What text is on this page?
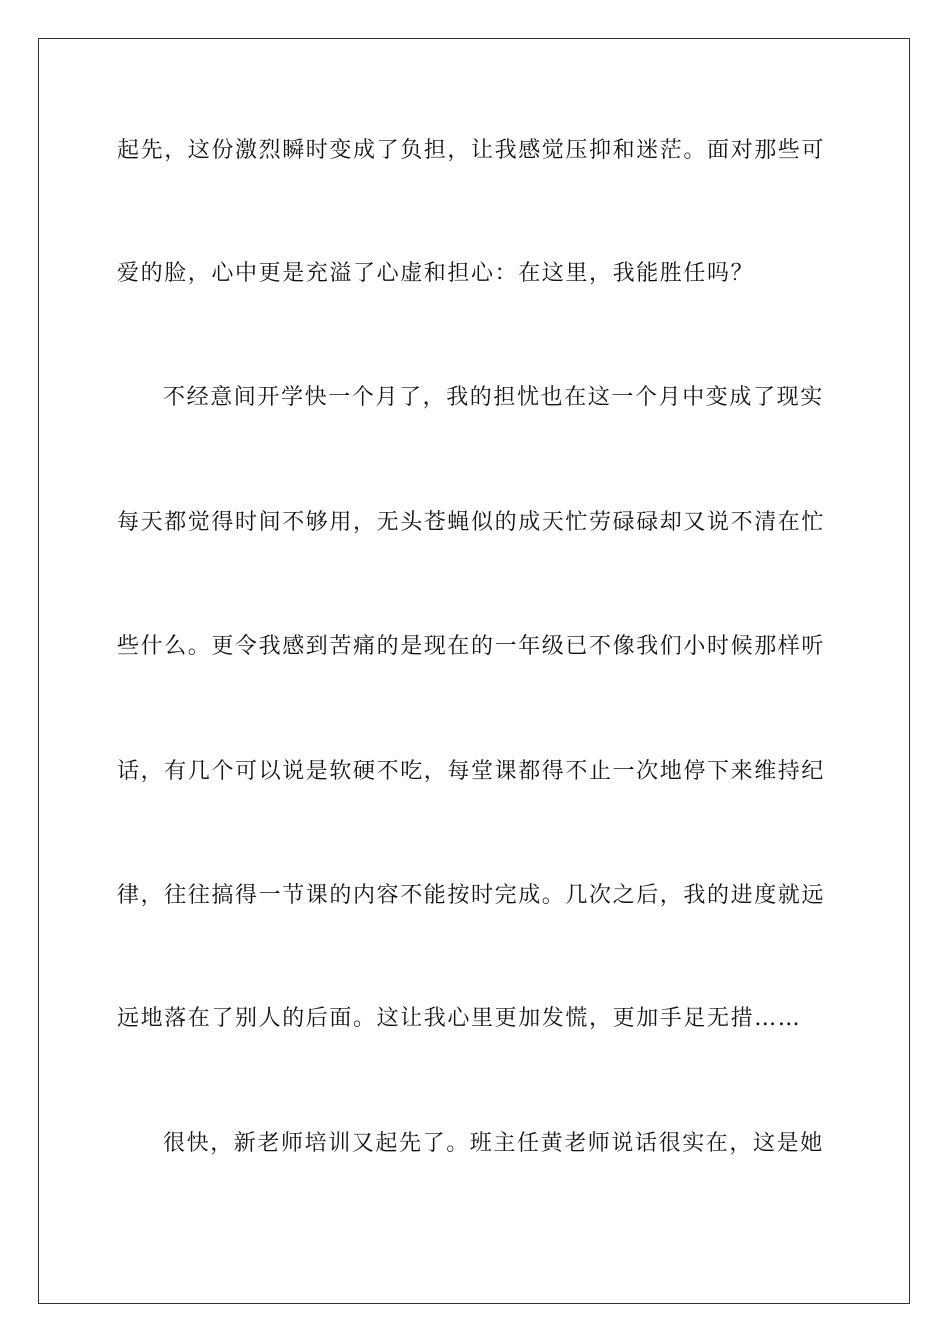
起先，这份激烈瞬时变成了负担，让我感觉压抑和迷茫。面对那些可
爱的脸，心中更是充溢了心虚和担心：在这里，我能胜任吗？
不经意间开学快一个月了，我的担忧也在这一个月中变成了现实
每天都觉得时间不够用，无头苍蝇似的成天忙劳碌碌却又说不清在忙
些什么。更令我感到苦痛的是现在的一年级已不像我们小时候那样听
话，有几个可以说是软硬不吃，每堂课都得不止一次地停下来维持纪
律，往往搞得一节课的内容不能按时完成。几次之后，我的进度就远
远地落在了别人的后面。这让我心里更加发慌，更加手足无措……
很快，新老师培训又起先了。班主任黄老师说话很实在，这是她
